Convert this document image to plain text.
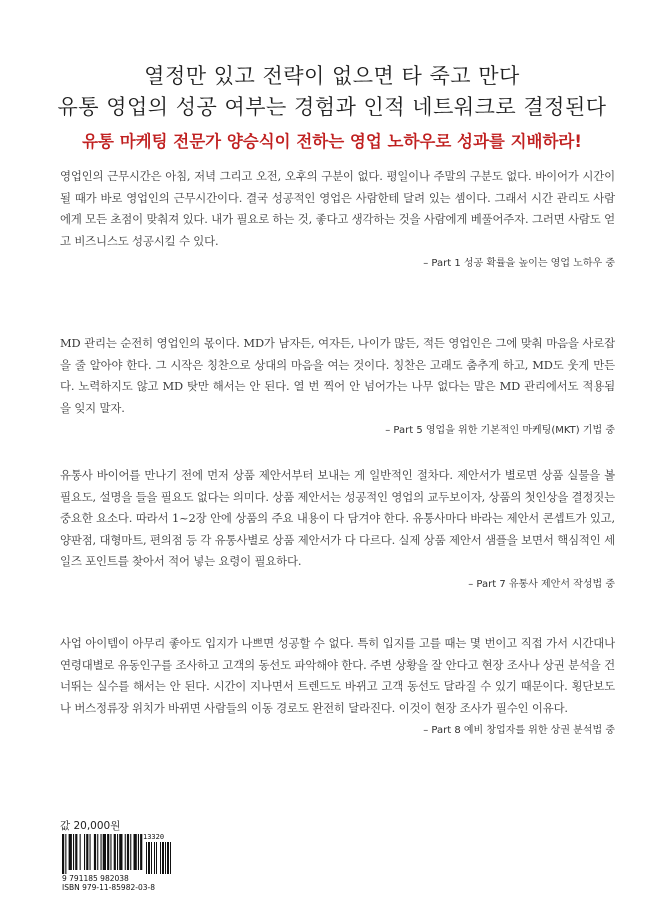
열정만 있고 전략이 없으면 타 죽고 만다
유통 영업의 성공 여부는 경험과 인적 네트워크로 결정된다
유통 마케팅 전문가 양승식이 전하는 영업 노하우로 성과를 지배하라!

영업인의 근무시간은 아침, 저녁 그리고 오전, 오후의 구분이 없다. 평일이나 주말의 구분도 없다. 바이어가 시간이 될 때가 바로 영업인의 근무시간이다. 결국 성공적인 영업은 사람한테 달려 있는 셈이다. 그래서 시간 관리도 사람에게 모든 초점이 맞춰져 있다. 내가 필요로 하는 것, 좋다고 생각하는 것을 사람에게 베풀어주자. 그러면 사람도 얻고 비즈니스도 성공시킬 수 있다.

– Part 1 성공 확률을 높이는 영업 노하우 중

MD 관리는 순전히 영업인의 몫이다. MD가 남자든, 여자든, 나이가 많든, 적든 영업인은 그에 맞춰 마음을 사로잡을 줄 알아야 한다. 그 시작은 칭찬으로 상대의 마음을 여는 것이다. 칭찬은 고래도 춤추게 하고, MD도 웃게 만든다. 노력하지도 않고 MD 탓만 해서는 안 된다. 열 번 찍어 안 넘어가는 나무 없다는 말은 MD 관리에서도 적용됨을 잊지 말자.

– Part 5 영업을 위한 기본적인 마케팅(MKT) 기법 중

유통사 바이어를 만나기 전에 먼저 상품 제안서부터 보내는 게 일반적인 절차다. 제안서가 별로면 상품 실물을 볼 필요도, 설명을 들을 필요도 없다는 의미다. 상품 제안서는 성공적인 영업의 교두보이자, 상품의 첫인상을 결정짓는 중요한 요소다. 따라서 1~2장 안에 상품의 주요 내용이 다 담겨야 한다. 유통사마다 바라는 제안서 콘셉트가 있고, 양판점, 대형마트, 편의점 등 각 유통사별로 상품 제안서가 다 다르다. 실제 상품 제안서 샘플을 보면서 핵심적인 세일즈 포인트를 찾아서 적어 넣는 요령이 필요하다.

– Part 7 유통사 제안서 작성법 중

사업 아이템이 아무리 좋아도 입지가 나쁘면 성공할 수 없다. 특히 입지를 고를 때는 몇 번이고 직접 가서 시간대나 연령대별로 유동인구를 조사하고 고객의 동선도 파악해야 한다. 주변 상황을 잘 안다고 현장 조사나 상권 분석을 건너뛰는 실수를 해서는 안 된다. 시간이 지나면서 트렌드도 바뀌고 고객 동선도 달라질 수 있기 때문이다. 횡단보도나 버스정류장 위치가 바뀌면 사람들의 이동 경로도 완전히 달라진다. 이것이 현장 조사가 필수인 이유다.

– Part 8 예비 창업자를 위한 상권 분석법 중
값 20,000원
13320
9 791185 982038
ISBN 979-11-85982-03-8
